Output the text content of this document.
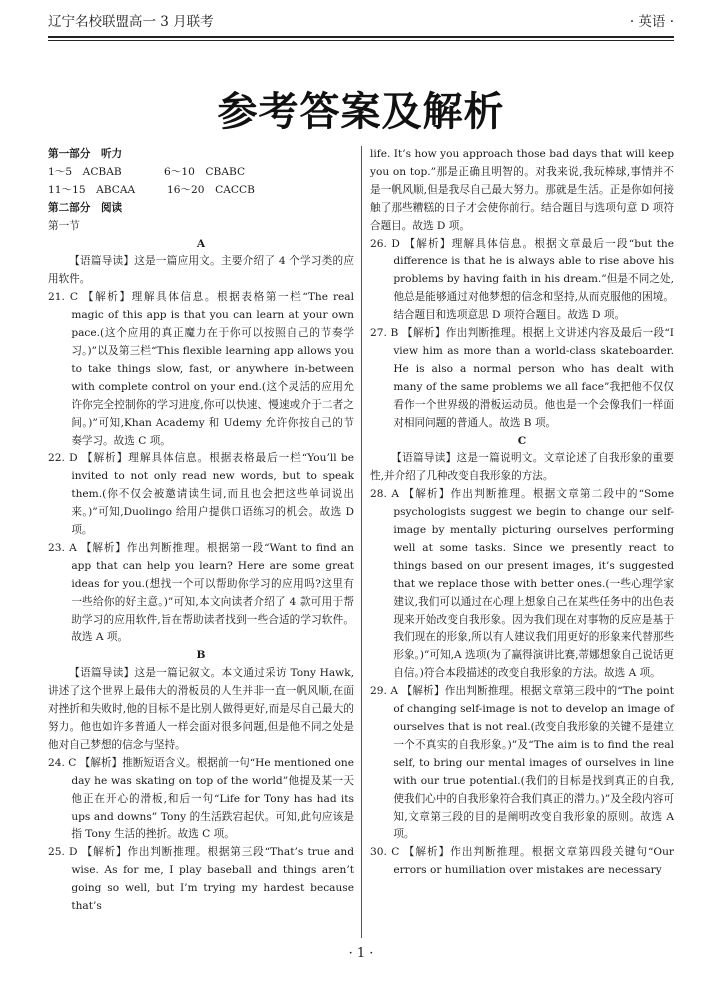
辽宁名校联盟高一 3 月联考	· 英语 ·
参考答案及解析

第一部分　听力

1～5　ACBAB　　　　6～10　CBABC

11～15　ABCAA　　　16～20　CACCB

第二部分　阅读

第一节

A

【语篇导读】这是一篇应用文。主要介绍了 4 个学习类的应用软件。

21. C 【解析】理解具体信息。根据表格第一栏“The real magic of this app is that you can learn at your own pace.(这个应用的真正魔力在于你可以按照自己的节奏学习。)”以及第三栏“This flexible learning app allows you to take things slow, fast, or anywhere in-between with complete control on your end.(这个灵活的应用允许你完全控制你的学习进度,你可以快速、慢速或介于二者之间。)”可知,Khan Academy 和 Udemy 允许你按自己的节奏学习。故选 C 项。

22. D 【解析】理解具体信息。根据表格最后一栏“You’ll be invited to not only read new words, but to speak them.(你不仅会被邀请读生词,而且也会把这些单词说出来。)”可知,Duolingo 给用户提供口语练习的机会。故选 D 项。

23. A 【解析】作出判断推理。根据第一段“Want to find an app that can help you learn? Here are some great ideas for you.(想找一个可以帮助你学习的应用吗?这里有一些给你的好主意。)”可知,本文向读者介绍了 4 款可用于帮助学习的应用软件,旨在帮助读者找到一些合适的学习软件。故选 A 项。

B

【语篇导读】这是一篇记叙文。本文通过采访 Tony Hawk,讲述了这个世界上最伟大的滑板员的人生并非一直一帆风顺,在面对挫折和失败时,他的目标不是比别人做得更好,而是尽自己最大的努力。他也如许多普通人一样会面对很多问题,但是他不同之处是他对自己梦想的信念与坚持。

24. C 【解析】推断短语含义。根据前一句“He mentioned one day he was skating on top of the world”他提及某一天他正在开心的滑板,和后一句“Life for Tony has had its ups and downs” Tony 的生活跌宕起伏。可知,此句应该是指 Tony 生活的挫折。故选 C 项。

25. D 【解析】作出判断推理。根据第三段“That’s true and wise. As for me, I play baseball and things aren’t going so well, but I’m trying my hardest because that’s

life. It’s how you approach those bad days that will keep you on top.”那是正确且明智的。对我来说,我玩棒球,事情并不是一帆风顺,但是我尽自己最大努力。那就是生活。正是你如何接触了那些糟糕的日子才会使你前行。结合题目与选项句意 D 项符合题目。故选 D 项。

26. D 【解析】理解具体信息。根据文章最后一段“but the difference is that he is always able to rise above his problems by having faith in his dream.”但是不同之处,他总是能够通过对他梦想的信念和坚持,从而克服他的困境。结合题目和选项意思 D 项符合题目。故选 D 项。

27. B 【解析】作出判断推理。根据上文讲述内容及最后一段“I view him as more than a world-class skateboarder. He is also a normal person who has dealt with many of the same problems we all face”我把他不仅仅看作一个世界级的滑板运动员。他也是一个会像我们一样面对相同问题的普通人。故选 B 项。

C

【语篇导读】这是一篇说明文。文章论述了自我形象的重要性,并介绍了几种改变自我形象的方法。

28. A 【解析】作出判断推理。根据文章第二段中的“Some psychologists suggest we begin to change our self-image by mentally picturing ourselves performing well at some tasks. Since we presently react to things based on our present images, it’s suggested that we replace those with better ones.(一些心理学家建议,我们可以通过在心理上想象自己在某些任务中的出色表现来开始改变自我形象。因为我们现在对事物的反应是基于我们现在的形象,所以有人建议我们用更好的形象来代替那些形象。)”可知,A 选项(为了赢得演讲比赛,蒂娜想象自己说话更自信。)符合本段描述的改变自我形象的方法。故选 A 项。

29. A 【解析】作出判断推理。根据文章第三段中的“The point of changing self-image is not to develop an image of ourselves that is not real.(改变自我形象的关键不是建立一个不真实的自我形象。)”及“The aim is to find the real self, to bring our mental images of ourselves in line with our true potential.(我们的目标是找到真正的自我,使我们心中的自我形象符合我们真正的潜力。)”及全段内容可知,文章第三段的目的是阐明改变自我形象的原则。故选 A 项。

30. C 【解析】作出判断推理。根据文章第四段关键句“Our errors or humiliation over mistakes are necessary

· 1 ·
